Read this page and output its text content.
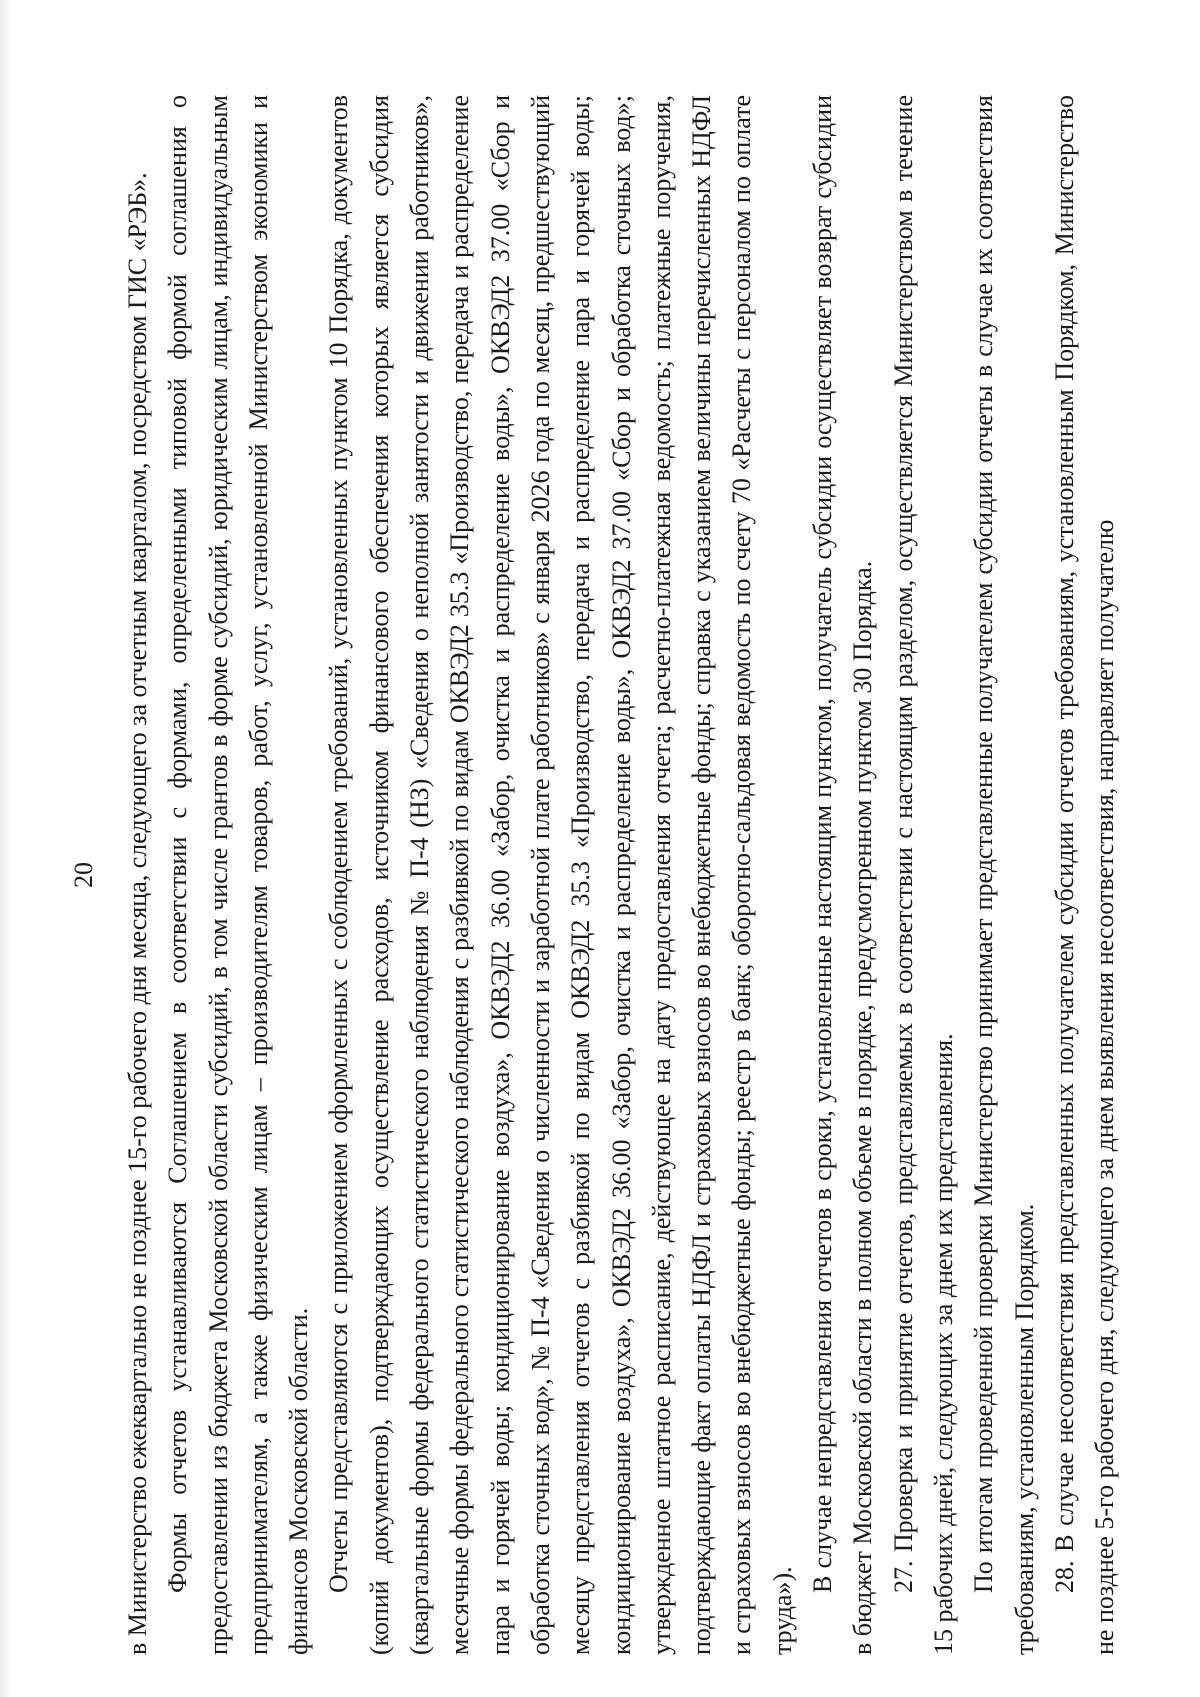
20 в Министерство ежеквартально не позднее 15-го рабочего дня месяца, следующего за отчетным кварталом, посредством ГИС «РЭБ». Формы отчетов устанавливаются Соглашением в соответствии с формами, определенными типовой формой соглашения о предоставлении из бюджета Московской области субсидий, в том числе грантов в форме субсидий, юридическим лицам, индивидуальным предпринимателям, а также физическим лицам – производителям товаров, работ, услуг, установленной Министерством экономики и финансов Московской области. Отчеты представляются с приложением оформленных с соблюдением требований, установленных пунктом 10 Порядка, документов (копий документов), подтверждающих осуществление расходов, источником финансового обеспечения которых является субсидия (квартальные формы федерального статистического наблюдения № П-4 (НЗ) «Сведения о неполной занятости и движении работников», месячные формы федерального статистического наблюдения с разбивкой по видам ОКВЭД2 35.3 «Производство, передача и распределение пара и горячей воды; кондиционирование воздуха», ОКВЭД2 36.00 «Забор, очистка и распределение воды», ОКВЭД2 37.00 «Сбор и обработка сточных вод», № П-4 «Сведения о численности и заработной плате работников» с января 2026 года по месяц, предшествующий месяцу представления отчетов с разбивкой по видам ОКВЭД2 35.3 «Производство, передача и распределение пара и горячей воды; кондиционирование воздуха», ОКВЭД2 36.00 «Забор, очистка и распределение воды», ОКВЭД2 37.00 «Сбор и обработка сточных вод»; утвержденное штатное расписание, действующее на дату предоставления отчета; расчетно-платежная ведомость; платежные поручения, подтверждающие факт оплаты НДФЛ и страховых взносов во внебюджетные фонды; справка с указанием величины перечисленных НДФЛ и страховых взносов во внебюджетные фонды; реестр в банк; оборотно-сальдовая ведомость по счету 70 «Расчеты с персоналом по оплате труда»).

В случае непредставления отчетов в сроки, установленные настоящим пунктом, получатель субсидии осуществляет возврат субсидии в бюджет Московской области в полном объеме в порядке, предусмотренном пунктом 30 Порядка. 27. Проверка и принятие отчетов, представляемых в соответствии с настоящим разделом, осуществляется Министерством в течение 15 рабочих дней, следующих за днем их представления. По итогам проведенной проверки Министерство принимает представленные получателем субсидии отчеты в случае их соответствия требованиям, установленным Порядком. 28. В случае несоответствия представленных получателем субсидии отчетов требованиям, установленным Порядком, Министерство не позднее 5-го рабочего дня, следующего за днем выявления несоответствия, направляет получателю
